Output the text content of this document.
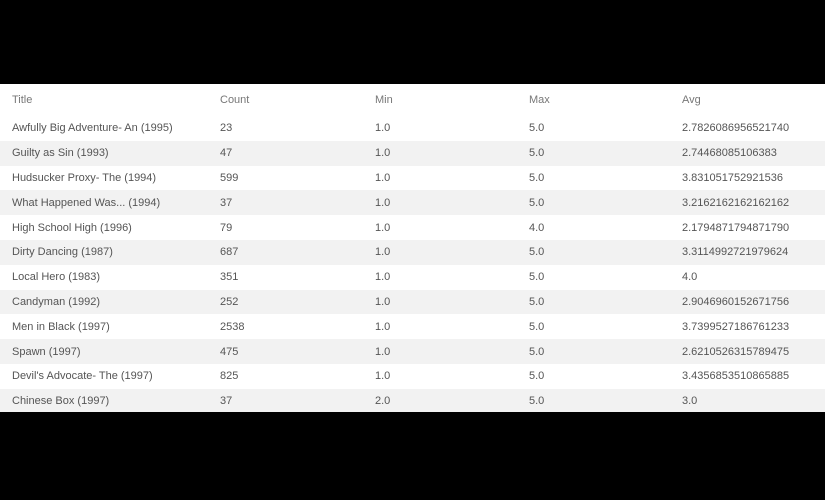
Title	Count	Min	Max	Avg
Awfully Big Adventure- An (1995)	23	1.0	5.0	2.7826086956521740
Guilty as Sin (1993)	47	1.0	5.0	2.74468085106383
Hudsucker Proxy- The (1994)	599	1.0	5.0	3.831051752921536
What Happened Was... (1994)	37	1.0	5.0	3.2162162162162162
High School High (1996)	79	1.0	4.0	2.1794871794871790
Dirty Dancing (1987)	687	1.0	5.0	3.3114992721979624
Local Hero (1983)	351	1.0	5.0	4.0
Candyman (1992)	252	1.0	5.0	2.9046960152671756
Men in Black (1997)	2538	1.0	5.0	3.7399527186761233
Spawn (1997)	475	1.0	5.0	2.6210526315789475
Devil's Advocate- The (1997)	825	1.0	5.0	3.4356853510865885
Chinese Box (1997)	37	2.0	5.0	3.0
